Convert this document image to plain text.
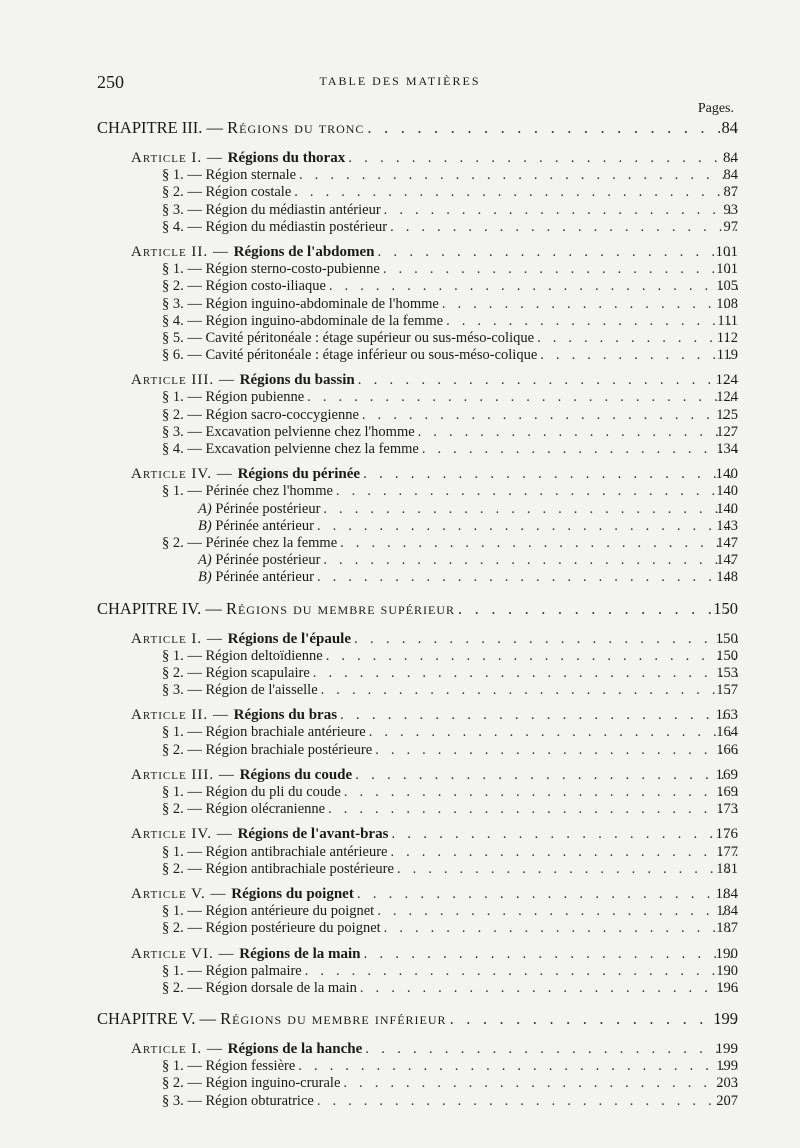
250	TABLE DES MATIÈRES
Pages.
CHAPITRE III. — Régions du tronc . . .	84
Article I. — Régions du thorax . . .	84
§ 1. — Région sternale . . .	84
§ 2. — Région costale . . .	87
§ 3. — Région du médiastin antérieur . . .	93
§ 4. — Région du médiastin postérieur . . .	97
Article II. — Régions de l'abdomen . . .	101
§ 1. — Région sterno-costo-pubienne . . .	101
§ 2. — Région costo-iliaque . . .	105
§ 3. — Région inguino-abdominale de l'homme . . .	108
§ 4. — Région inguino-abdominale de la femme . . .	111
§ 5. — Cavité péritonéale : étage supérieur ou sus-méso-colique . . .	112
§ 6. — Cavité péritonéale : étage inférieur ou sous-méso-colique . . .	119
Article III. — Régions du bassin . . .	124
§ 1. — Région pubienne . . .	124
§ 2. — Région sacro-coccygienne . . .	125
§ 3. — Excavation pelvienne chez l'homme . . .	127
§ 4. — Excavation pelvienne chez la femme . . .	134
Article IV. — Régions du périnée . . .	140
§ 1. — Périnée chez l'homme . . .	140
A) Périnée postérieur . . .	140
B) Périnée antérieur . . .	143
§ 2. — Périnée chez la femme . . .	147
A) Périnée postérieur . . .	147
B) Périnée antérieur . . .	148
CHAPITRE IV. — Régions du membre supérieur . . .	150
Article I. — Régions de l'épaule . . .	150
§ 1. — Région deltoïdienne . . .	150
§ 2. — Région scapulaire . . .	153
§ 3. — Région de l'aisselle . . .	157
Article II. — Régions du bras . . .	163
§ 1. — Région brachiale antérieure . . .	164
§ 2. — Région brachiale postérieure . . .	166
Article III. — Régions du coude . . .	169
§ 1. — Région du pli du coude . . .	169
§ 2. — Région olécranienne . . .	173
Article IV. — Régions de l'avant-bras . . .	176
§ 1. — Région antibrachiale antérieure . . .	177
§ 2. — Région antibrachiale postérieure . . .	181
Article V. — Régions du poignet . . .	184
§ 1. — Région antérieure du poignet . . .	184
§ 2. — Région postérieure du poignet . . .	187
Article VI. — Régions de la main . . .	190
§ 1. — Région palmaire . . .	190
§ 2. — Région dorsale de la main . . .	196
CHAPITRE V. — Régions du membre inférieur . . .	199
Article I. — Régions de la hanche . . .	199
§ 1. — Région fessière . . .	199
§ 2. — Région inguino-crurale . . .	203
§ 3. — Région obturatrice . . .	207
